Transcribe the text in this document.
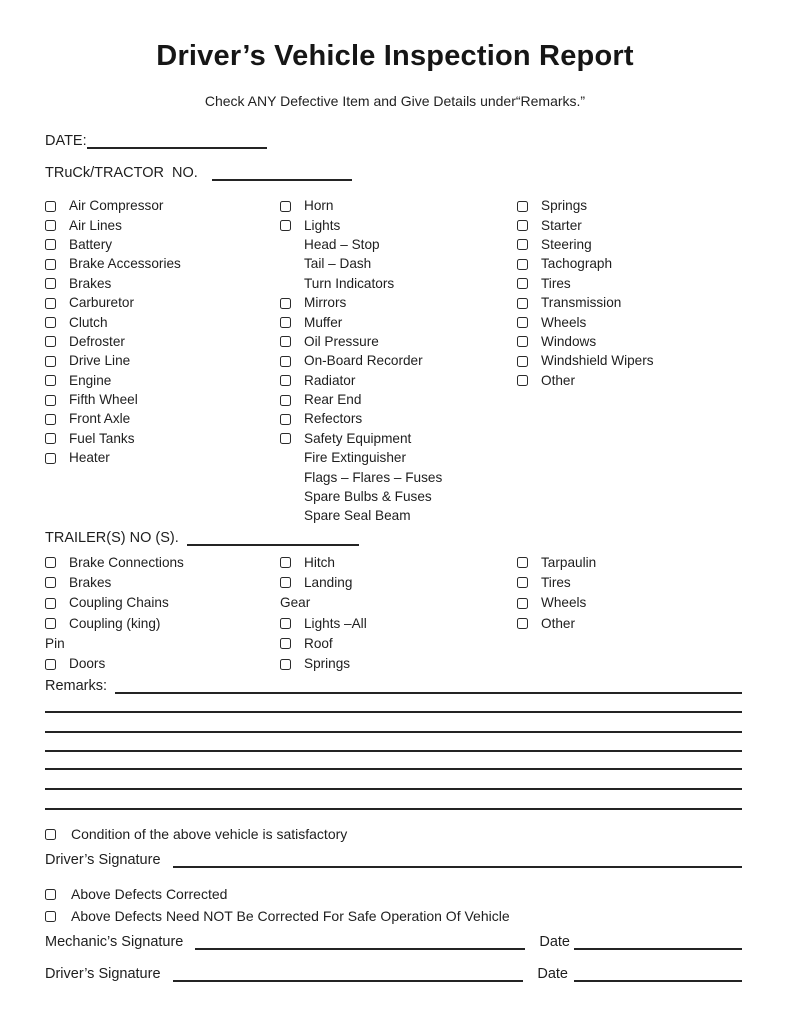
Driver’s Vehicle Inspection Report
Check ANY Defective Item and Give Details under“Remarks.”
DATE:
TRuCk/TRACTOR  NO.
Air Compressor
Air Lines
Battery
Brake Accessories
Brakes
Carburetor
Clutch
Defroster
Drive Line
Engine
Fifth Wheel
Front Axle
Fuel Tanks
Heater
Horn
Lights
Head – Stop
Tail – Dash
Turn Indicators
Mirrors
Muffer
Oil Pressure
On-Board Recorder
Radiator
Rear End
Refectors
Safety Equipment
Fire Extinguisher
Flags – Flares – Fuses
Spare Bulbs & Fuses
Spare Seal Beam
Springs
Starter
Steering
Tachograph
Tires
Transmission
Wheels
Windows
Windshield Wipers
Other
TRAILER(S) NO (S).
Brake Connections
Brakes
Coupling Chains
Coupling (king)
Pin
Doors
Hitch
Landing
Gear
Lights –All
Roof
Springs
Tarpaulin
Tires
Wheels
Other
Remarks:
Condition of the above vehicle is satisfactory
Driver’s Signature
Above Defects Corrected
Above Defects Need NOT Be Corrected For Safe Operation Of Vehicle
Mechanic’s Signature	Date
Driver’s Signature	Date
